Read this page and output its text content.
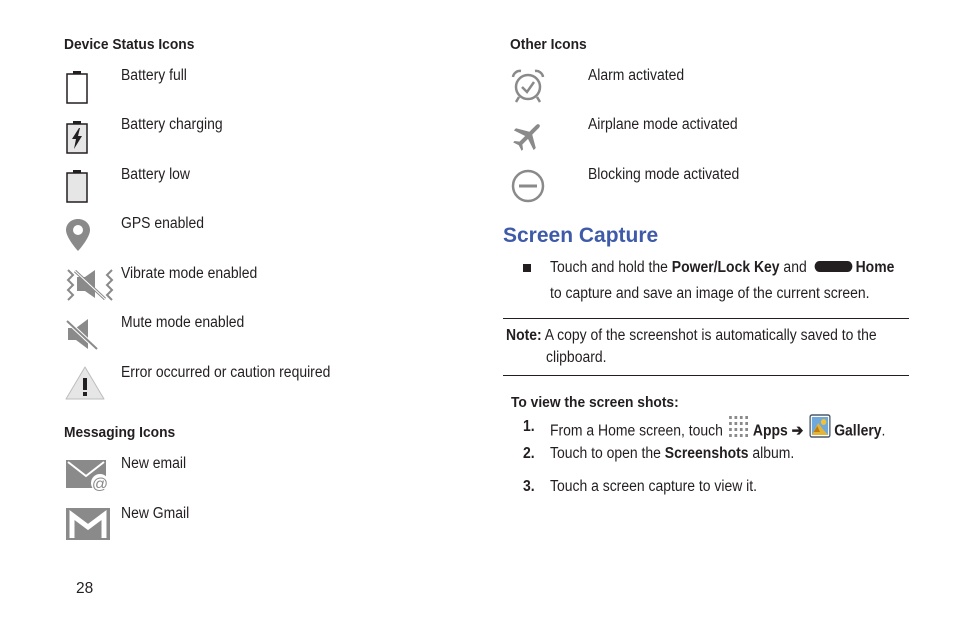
Device Status Icons
Battery full
Battery charging
Battery low
GPS enabled
Vibrate mode enabled
Mute mode enabled
Error occurred or caution required
Messaging Icons
@
New email
New Gmail
28
Other Icons
Alarm activated
Airplane mode activated
Blocking mode activated
Screen Capture
Touch and hold the Power/Lock Key and	Home
to capture and save an image of the current screen.
Note: A copy of the screenshot is automatically saved to the
clipboard.
To view the screen shots:
1. From a Home screen, touch Apps ➔ Gallery.
2. Touch to open the Screenshots album.
3. Touch a screen capture to view it.
